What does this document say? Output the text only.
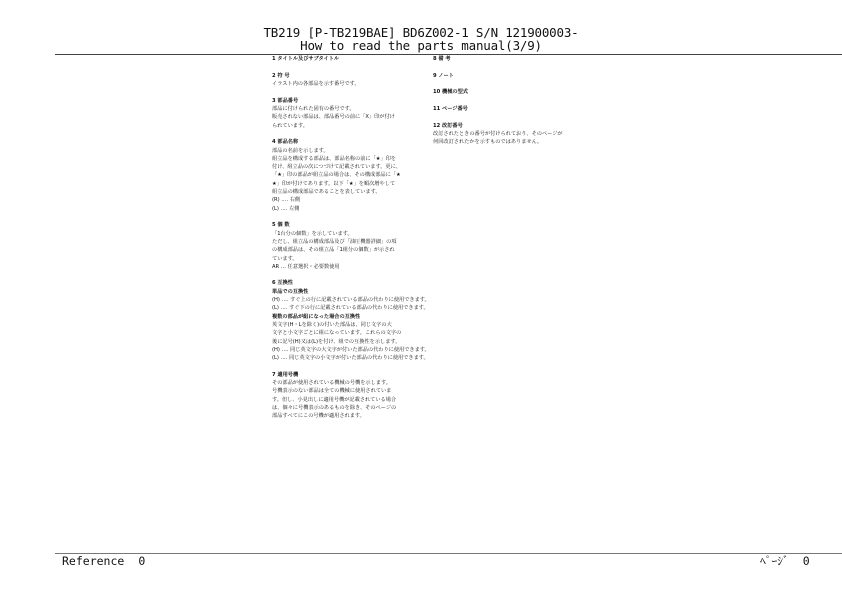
TB219 [P-TB219BAE] BD6Z002-1 S/N 121900003-
How to read the parts manual(3/9)

1 タイトル及びサブタイトル

2 符 号

イラスト内の各部品を示す番号です。

3 部品番号

部品に付けられた固有の番号です。

販売されない部品は、部品番号の前に「X」印が付け

られています。

4 部品名称

部品の名前を示します。

組立品を構成する部品は、部品名称の前に「★」印を

付け、組立品の次につづけて記載されています。更に、

「★」印の部品が組立品の場合は、その構成部品に「★

★」印が付けてあります。以下「★」を順次増やして

組立品の構成部品であることを表しています。

(R) …. 右側

(L) …. 左側

5 個 数

「1台分の個数」を示しています。

ただし、組立品の構成部品及び「油圧機器詳細」の項

の構成部品は、その組立品「1組分の個数」が示され

ています。

AR … 任意選択・必要数使用

6 互換性

単品での互換性

(H) …. すぐ上の行に記載されている部品の代わりに使用できます。

(L) …. すぐ下の行に記載されている部品の代わりに使用できます。

複数の部品が組になった場合の互換性

英文字(H・Lを除く)の付いた部品は、同じ文字の大

文字と小文字ごとに組になっています。これらの文字の

後に記号(H)又は(L)を付け、組での互換性を示します。

(H) …. 同じ英文字の大文字が付いた部品の代わりに使用できます。

(L) …. 同じ英文字の小文字が付いた部品の代わりに使用できます。

7 適用号機

その部品が使用されている機械の号機を示します。

号機表示のない部品は全ての機械に使用されていま

す。但し、小見出しに適用号機が記載されている場合

は、個々に号機表示のあるものを除き、そのページの

部品すべてにこの号機が適用されます。

8 備 考

9 ノート

10 機械の型式

11 ページ番号

12 改訂番号

改訂されたときの番号が付けられており、そのページが

何回改訂されたかを示すものではありません。

Reference 0	ﾍﾟｰｼﾞ 0
